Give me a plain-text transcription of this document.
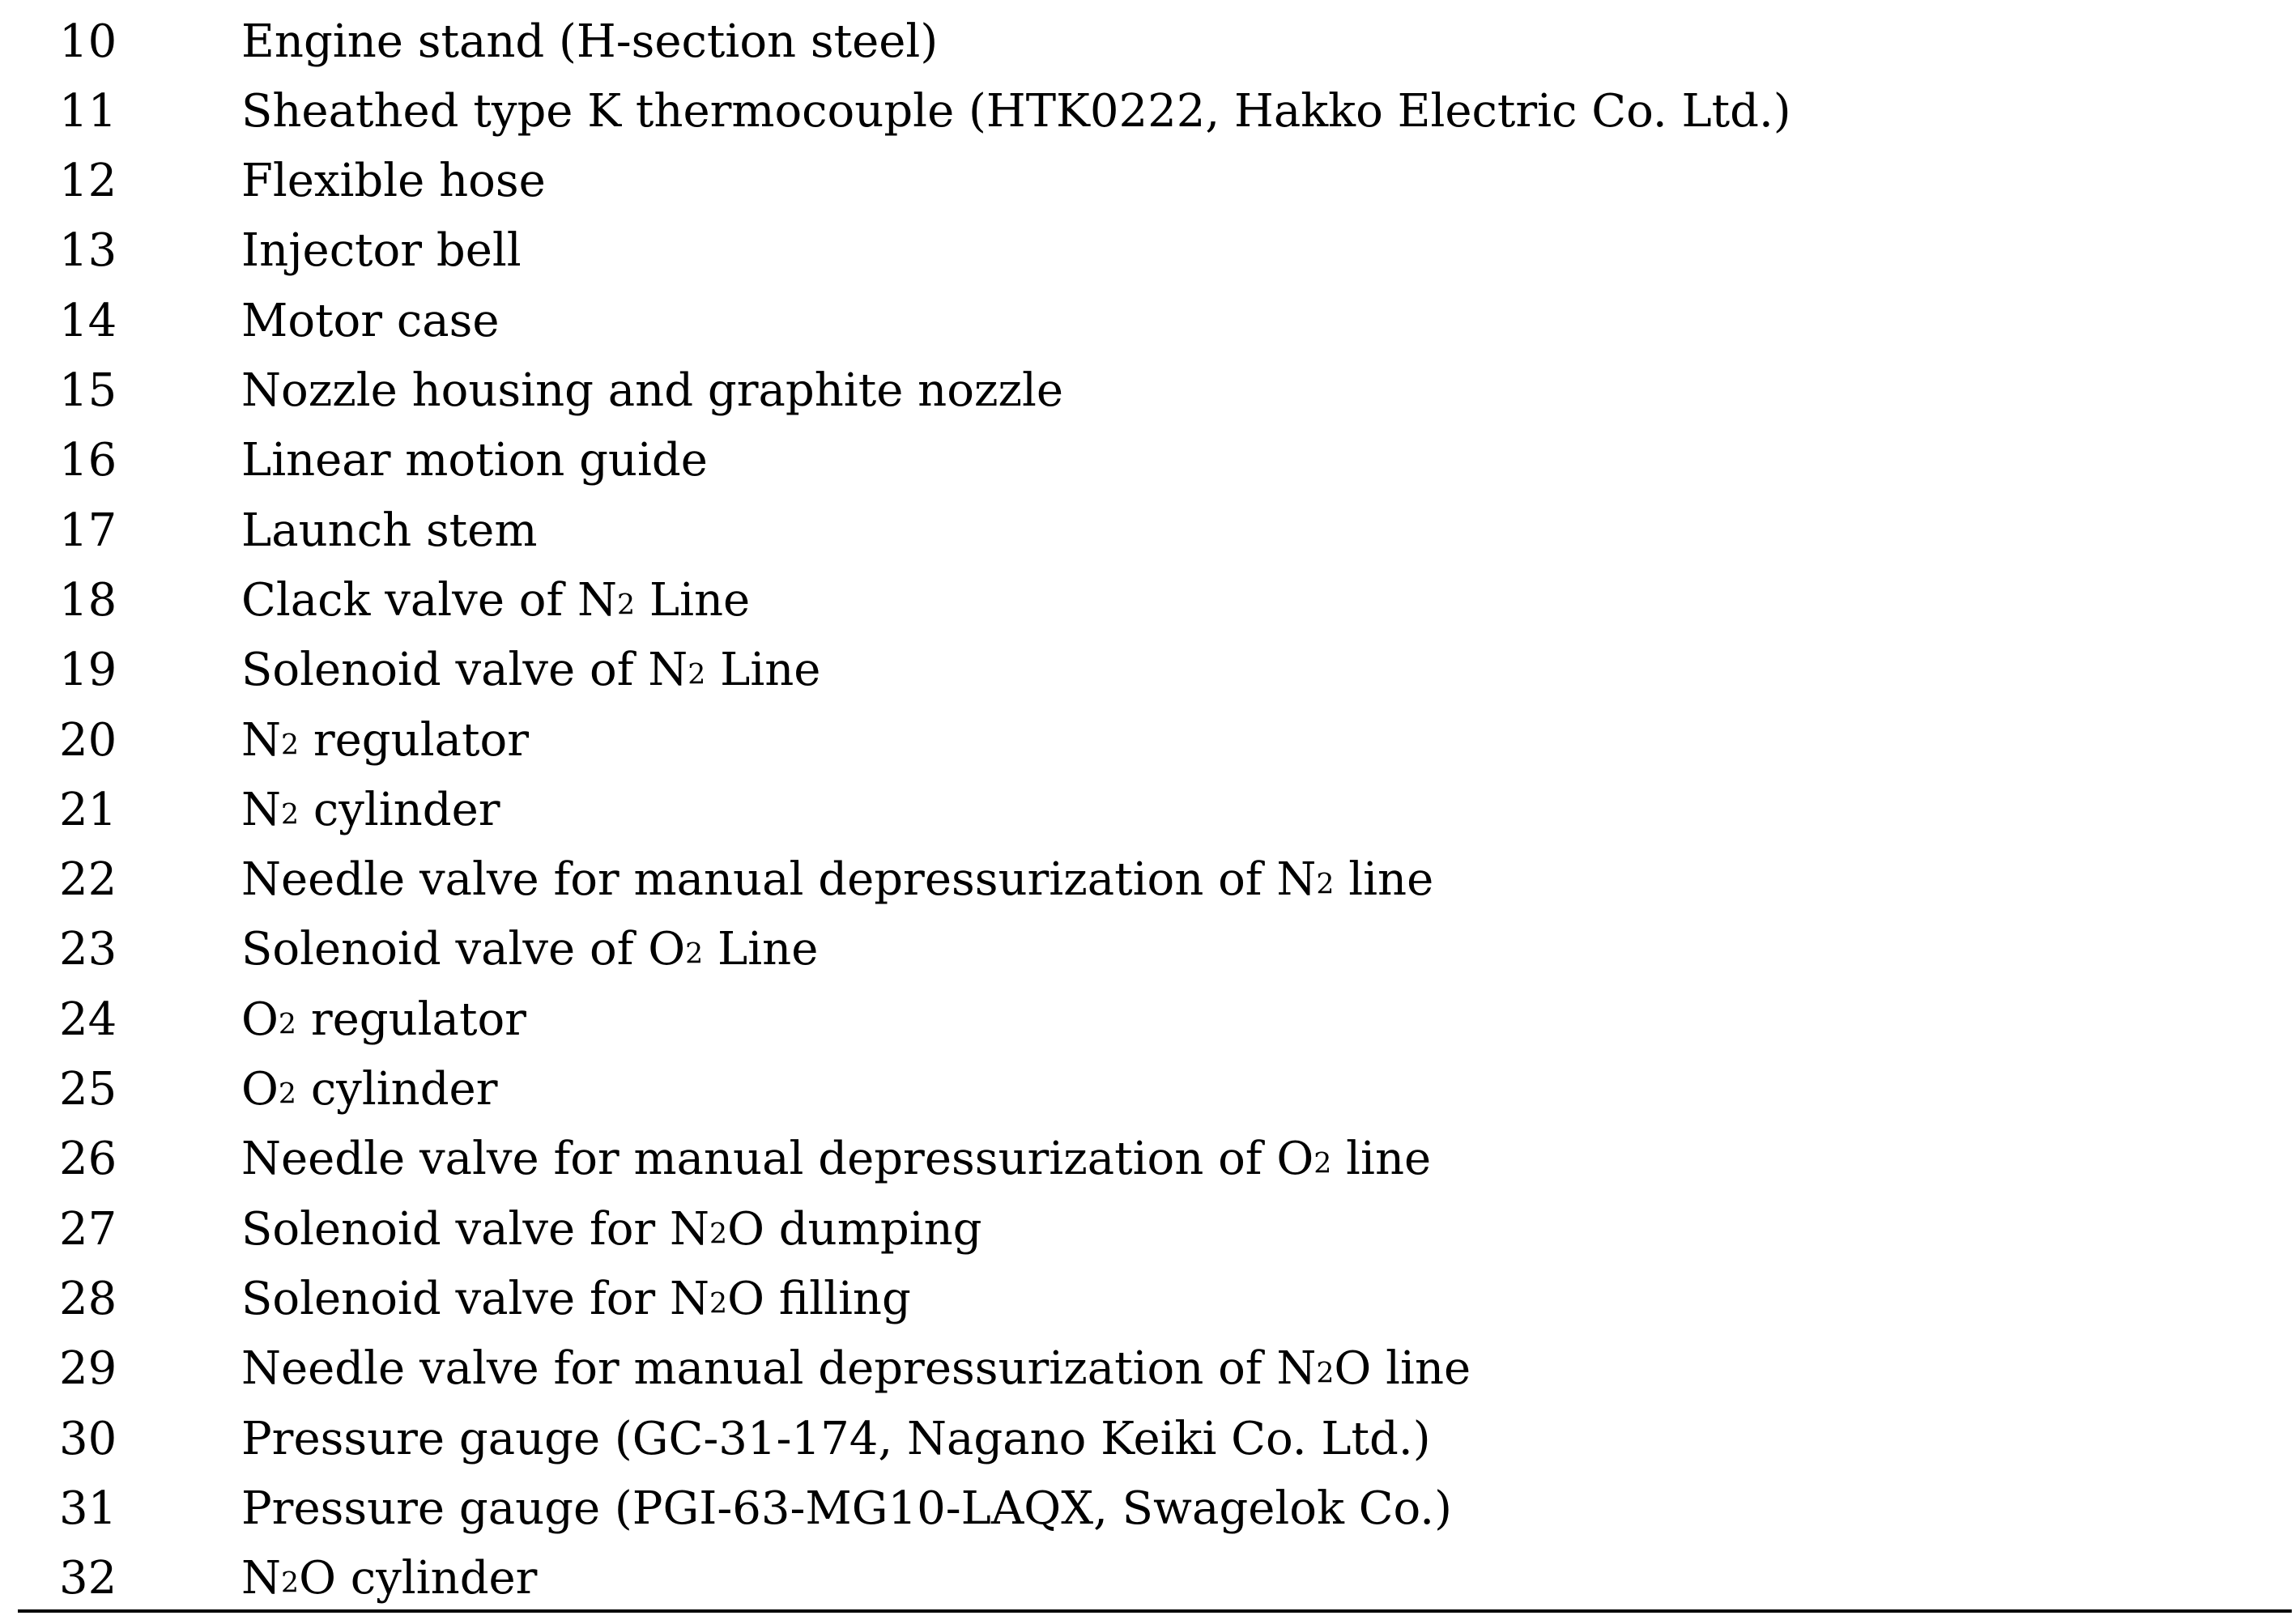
10	Engine stand (H-section steel)
11	Sheathed type K thermocouple (HTK0222, Hakko Electric Co. Ltd.)
12	Flexible hose
13	Injector bell
14	Motor case
15	Nozzle housing and graphite nozzle
16	Linear motion guide
17	Launch stem
18	Clack valve of $N_2$ Line
19	Solenoid valve of $N_2$ Line
20	$N_2$ regulator
21	$N_2$ cylinder
22	Needle valve for manual depressurization of $N_2$ line
23	Solenoid valve of $O_2$ Line
24	$O_2$ regulator
25	$O_2$ cylinder
26	Needle valve for manual depressurization of $O_2$ line
27	Solenoid valve for $N_2O$ dumping
28	Solenoid valve for $N_2O$ filling
29	Needle valve for manual depressurization of $N_2O$ line
30	Pressure gauge (GC-31-174, Nagano Keiki Co. Ltd.)
31	Pressure gauge (PGI-63-MG10-LAQX, Swagelok Co.)
32	$N_2O$ cylinder
